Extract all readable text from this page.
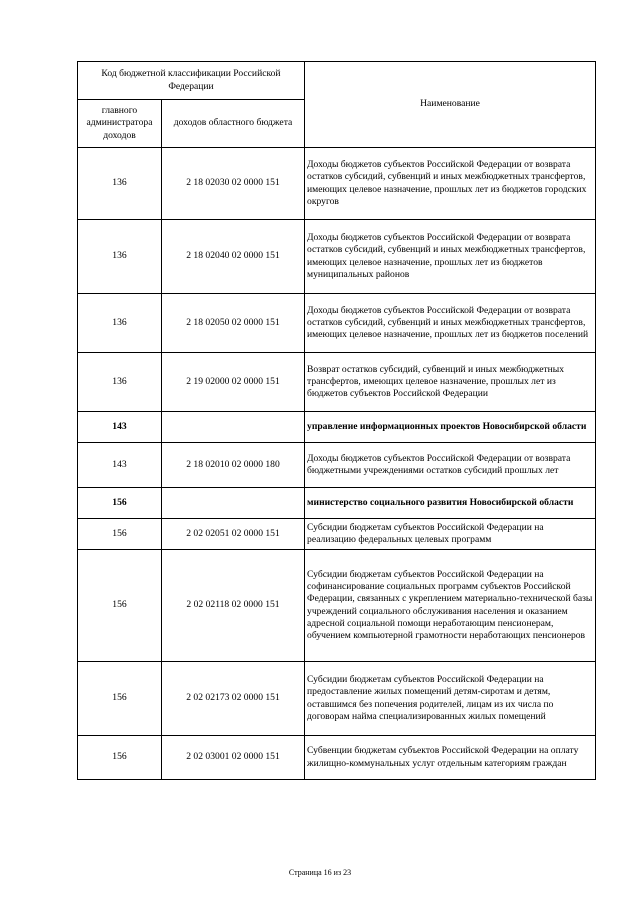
Код бюджетной классификации Российской Федерации		Наименование
главного администратора доходов	доходов областного бюджета	
136	2 18 02030 02 0000 151	Доходы бюджетов субъектов Российской Федерации от возврата остатков субсидий, субвенций и иных межбюджетных трансфертов, имеющих целевое назначение, прошлых лет из бюджетов городских округов
136	2 18 02040 02 0000 151	Доходы бюджетов субъектов Российской Федерации от возврата остатков субсидий, субвенций и иных межбюджетных трансфертов, имеющих целевое назначение, прошлых лет из бюджетов муниципальных районов
136	2 18 02050 02 0000 151	Доходы бюджетов субъектов Российской Федерации от возврата остатков субсидий, субвенций и иных межбюджетных трансфертов, имеющих целевое назначение, прошлых лет из бюджетов поселений
136	2 19 02000 02 0000 151	Возврат остатков субсидий, субвенций и иных межбюджетных трансфертов, имеющих целевое назначение, прошлых лет из бюджетов субъектов Российской Федерации
143		управление информационных проектов Новосибирской области
143	2 18 02010 02 0000 180	Доходы бюджетов субъектов Российской Федерации от возврата бюджетными учреждениями остатков субсидий прошлых лет
156		министерство социального развития Новосибирской области
156	2 02 02051 02 0000 151	Субсидии бюджетам субъектов Российской Федерации на реализацию федеральных целевых программ
156	2 02 02118 02 0000 151	Субсидии бюджетам субъектов Российской Федерации на софинансирование социальных программ субъектов Российской Федерации, связанных с укреплением материально-технической базы учреждений социального обслуживания населения и оказанием адресной социальной помощи неработающим пенсионерам, обучением компьютерной грамотности неработающих пенсионеров
156	2 02 02173 02 0000 151	Субсидии бюджетам субъектов Российской Федерации на предоставление жилых помещений детям-сиротам и детям, оставшимся без попечения родителей, лицам из их числа по договорам найма специализированных жилых помещений
156	2 02 03001 02 0000 151	Субвенции бюджетам субъектов Российской Федерации на оплату жилищно-коммунальных услуг отдельным категориям граждан
Страница 16 из 23
